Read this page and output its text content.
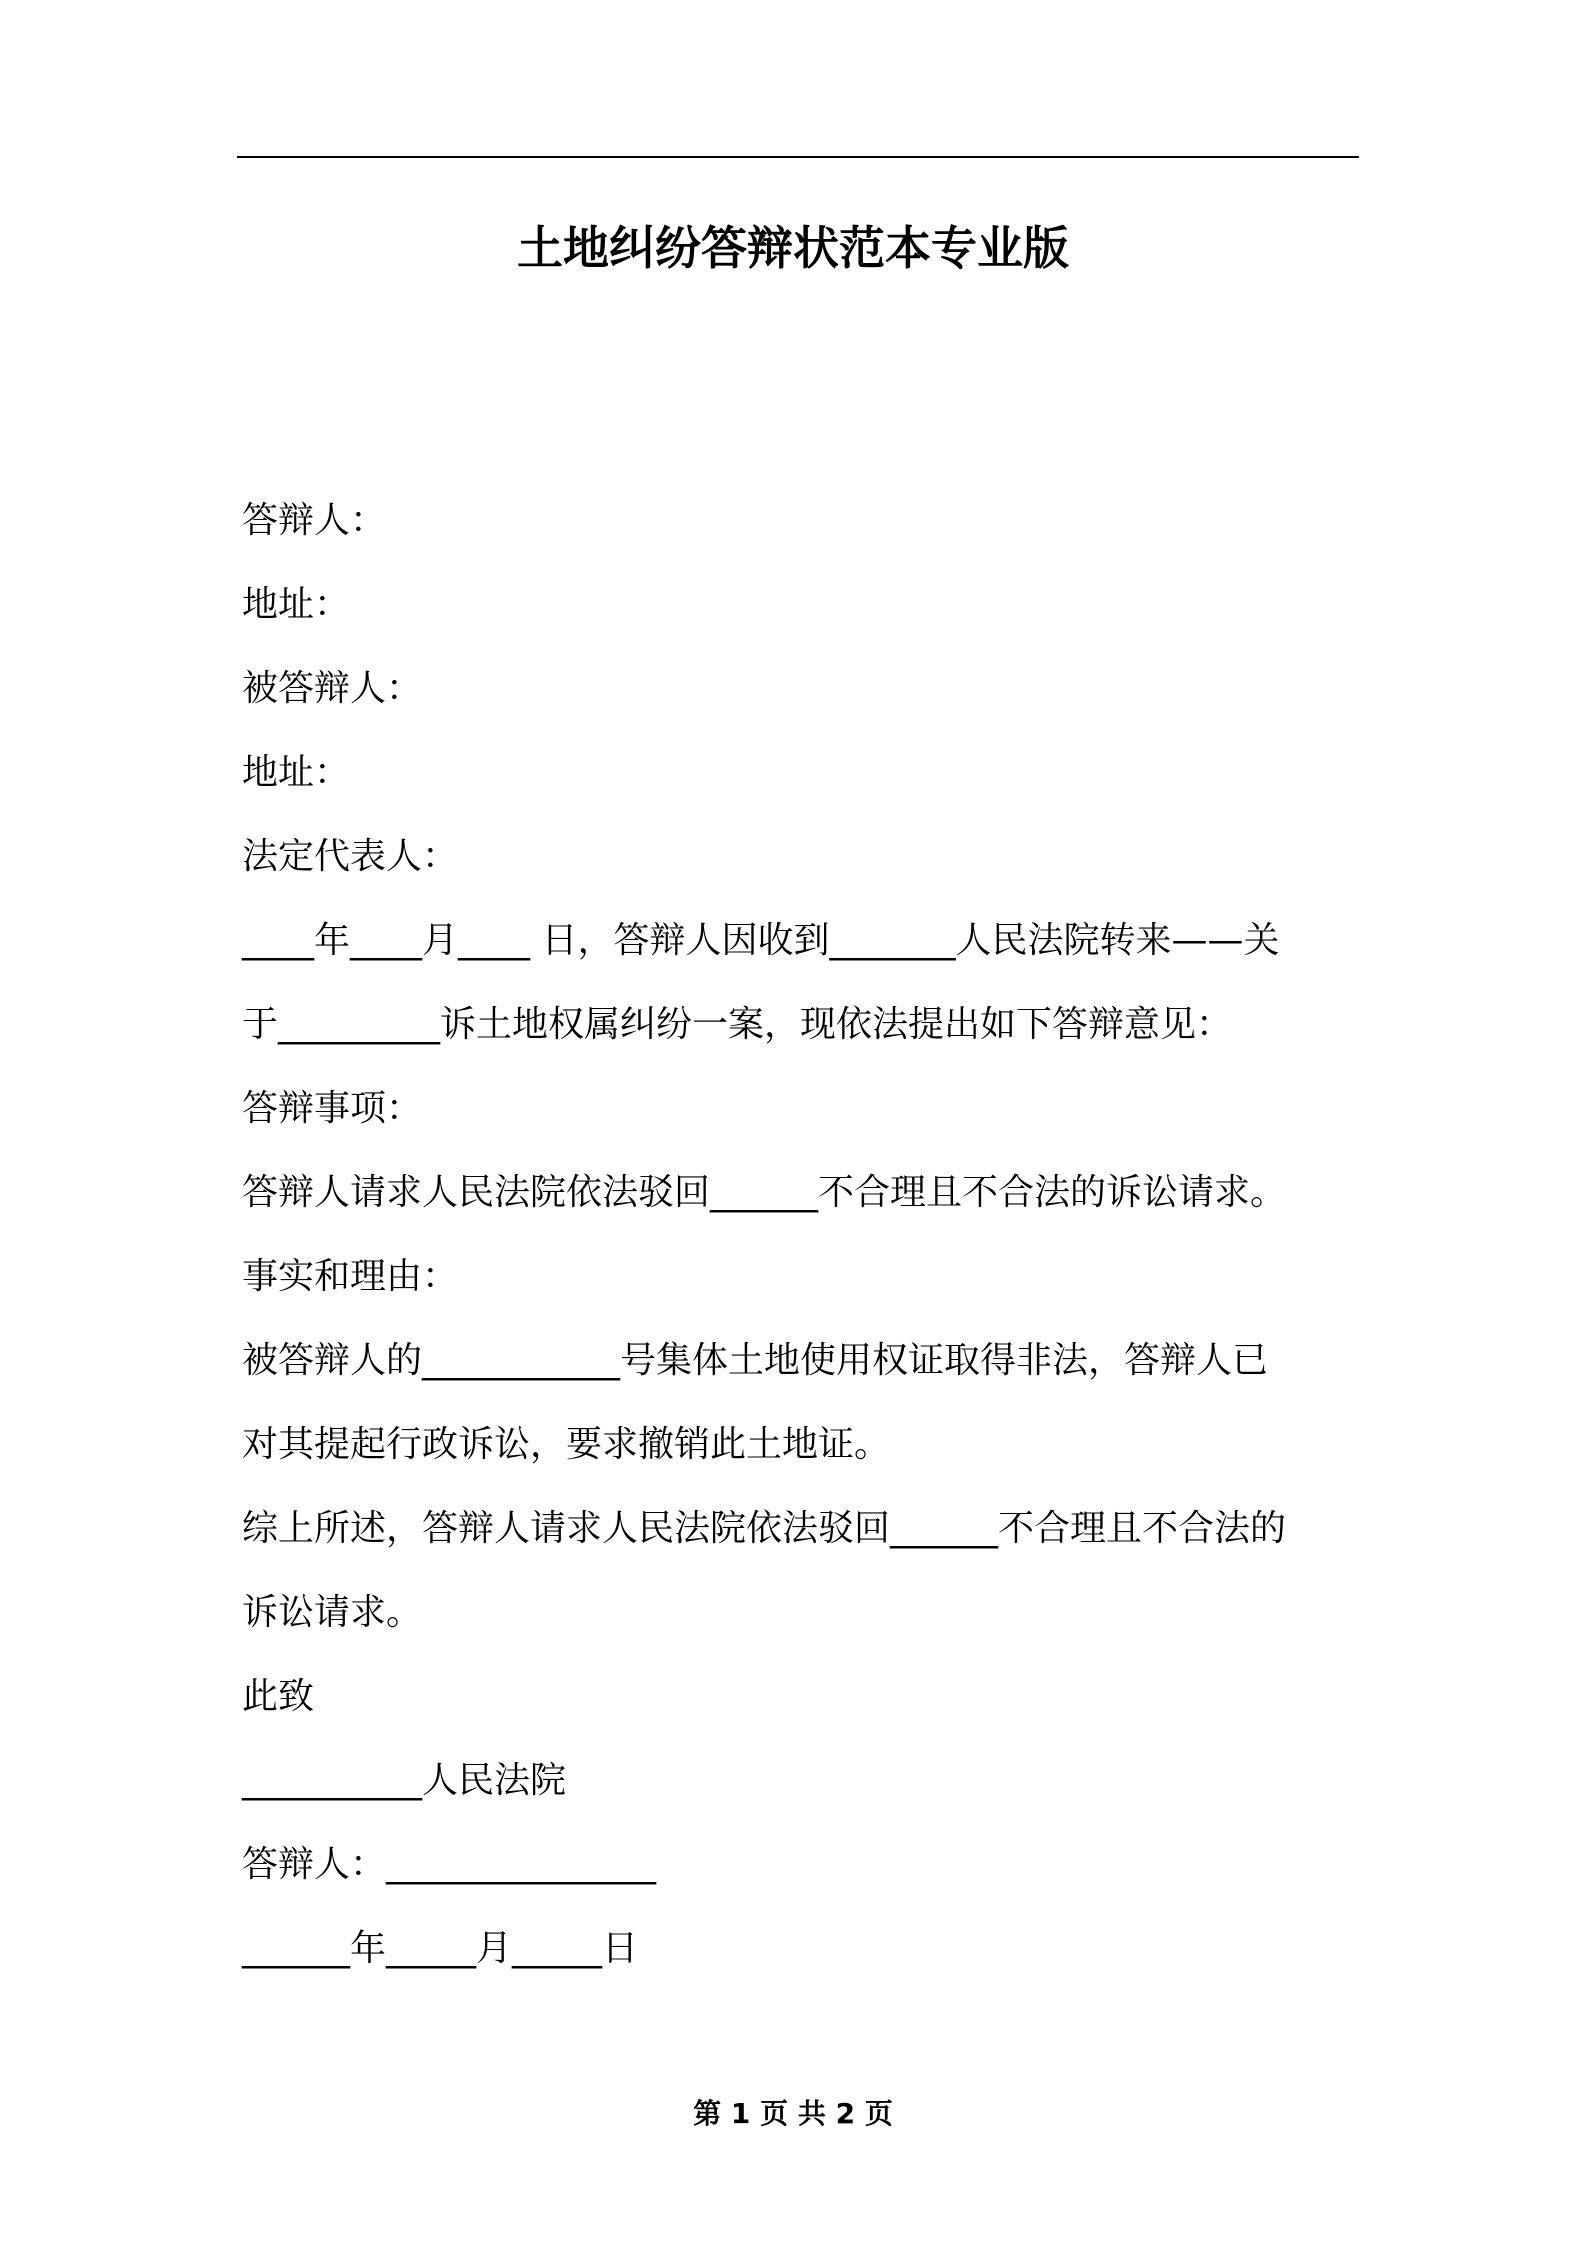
土地纠纷答辩状范本专业版
答辩人：
地址：
被答辩人：
地址：
法定代表人：
____年____月____ 日，答辩人因收到_______人民法院转来——关
于_________诉土地权属纠纷一案，现依法提出如下答辩意见：
答辩事项：
答辩人请求人民法院依法驳回______不合理且不合法的诉讼请求。
事实和理由：
被答辩人的___________号集体土地使用权证取得非法，答辩人已
对其提起行政诉讼，要求撤销此土地证。
综上所述，答辩人请求人民法院依法驳回______不合理且不合法的
诉讼请求。
此致
__________人民法院
答辩人：_______________
______年_____月_____日
第 1 页 共 2 页
